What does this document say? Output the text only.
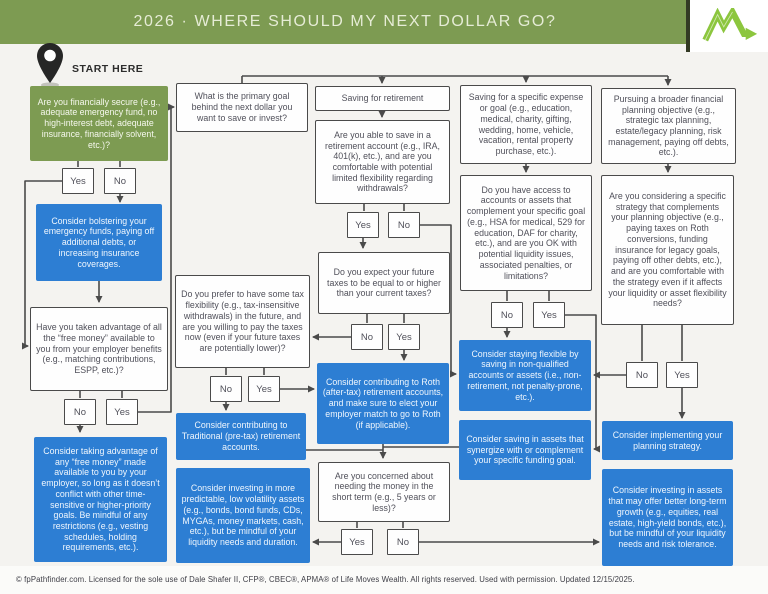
2026 · WHERE SHOULD MY NEXT DOLLAR GO?
START HERE
Are you financially secure (e.g., adequate emergency fund, no high-interest debt, adequate insurance, financially solvent, etc.)?
Yes	No
Consider bolstering your emergency funds, paying off additional debts, or increasing insurance coverages.
Have you taken advantage of all the “free money” available to you from your employer benefits (e.g., matching contributions, ESPP, etc.)?
No	Yes
Consider taking advantage of any “free money” made available to you by your employer, so long as it doesn’t conflict with other time-sensitive or higher-priority goals. Be mindful of any restrictions (e.g., vesting schedules, holding requirements, etc.).
What is the primary goal behind the next dollar you want to save or invest?
Do you prefer to have some tax flexibility (e.g., tax-insensitive withdrawals) in the future, and are you willing to pay the taxes now (even if your future taxes are potentially lower)?
No	Yes
Consider contributing to Traditional (pre-tax) retirement accounts.
Consider investing in more predictable, low volatility assets (e.g., bonds, bond funds, CDs, MYGAs, money markets, cash, etc.), but be mindful of your liquidity needs and duration.
Saving for retirement
Are you able to save in a retirement account (e.g., IRA, 401(k), etc.), and are you comfortable with potential limited flexibility regarding withdrawals?
Yes	No
Do you expect your future taxes to be equal to or higher than your current taxes?
No	Yes
Consider contributing to Roth (after-tax) retirement accounts, and make sure to elect your employer match to go to Roth (if applicable).
Are you concerned about needing the money in the short term (e.g., 5 years or less)?
Yes	No
Saving for a specific expense or goal (e.g., education, medical, charity, gifting, wedding, home, vehicle, vacation, rental property purchase, etc.).
Do you have access to accounts or assets that complement your specific goal (e.g., HSA for medical, 529 for education, DAF for charity, etc.), and are you OK with potential liquidity issues, associated penalties, or limitations?
No	Yes
Consider staying flexible by saving in non-qualified accounts or assets (i.e., non-retirement, not penalty-prone, etc.).
Consider saving in assets that synergize with or complement your specific funding goal.
Pursuing a broader financial planning objective (e.g., strategic tax planning, estate/legacy planning, risk management, paying off debts, etc.).
Are you considering a specific strategy that complements your planning objective (e.g., paying taxes on Roth conversions, funding insurance for legacy goals, paying off other debts, etc.), and are you comfortable with the strategy even if it affects your liquidity or asset flexibility needs?
No	Yes
Consider implementing your planning strategy.
Consider investing in assets that may offer better long-term growth (e.g., equities, real estate, high-yield bonds, etc.), but be mindful of your liquidity needs and risk tolerance.
© fpPathfinder.com. Licensed for the sole use of Dale Shafer II, CFP®, CBEC®, APMA® of Life Moves Wealth. All rights reserved. Used with permission. Updated 12/15/2025.
